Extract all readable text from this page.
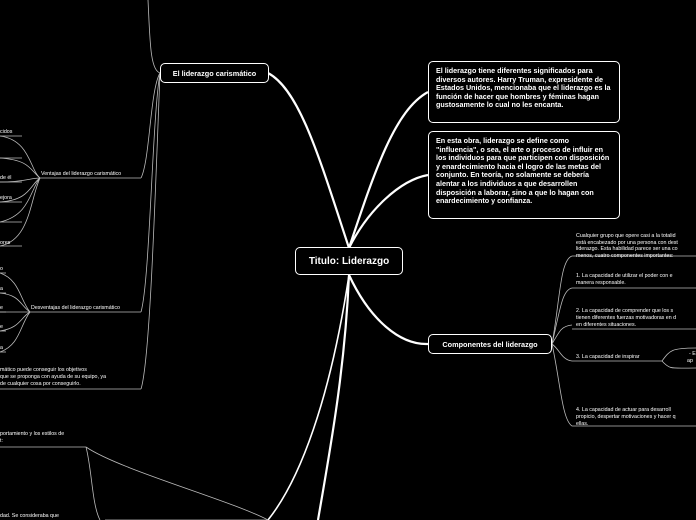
Titulo: Liderazgo
El liderazgo carismático
Ventajas del liderazgo carismático
cidos
de él
ejora
ores
Desventajas del liderazgo carismático
o
a
e
e
a
mático puede conseguir los objetivos
que se proponga con ayuda de su equipo, ya
de cualquier cosa por conseguirlo.
portamiento y los estilos de
t:
dad. Se consideraba que
El liderazgo tiene diferentes significados para diversos autores. Harry Truman, expresidente de Estados Unidos, mencionaba que el liderazgo es la función de hacer que hombres y féminas hagan gustosamente lo cual no les encanta.
En esta obra, liderazgo se define como "influencia", o sea, el arte o proceso de influir en los individuos para que participen con disposición y enardecimiento hacia el logro de las metas del conjunto. En teoría, no solamente se debería alentar a los individuos a que desarrollen disposición a laborar, sino a que lo hagan con enardecimiento y confianza.
Componentes del liderazgo
Cualquier grupo que opere casi a la totalid
está encabezado por una persona con dest
liderazgo. Esta habilidad parece ser una co
menos, cuatro componentes importantes:
1. La capacidad de utilizar el poder con e
manera responsable.
2. La capacidad de comprender que los s
tienen diferentes fuerzas motivadoras en d
en diferentes situaciones.
3. La capacidad de inspirar	- E
ap
4. La capacidad de actuar para desarroll
propicio, despertar motivaciones y hacer q
ellas.
